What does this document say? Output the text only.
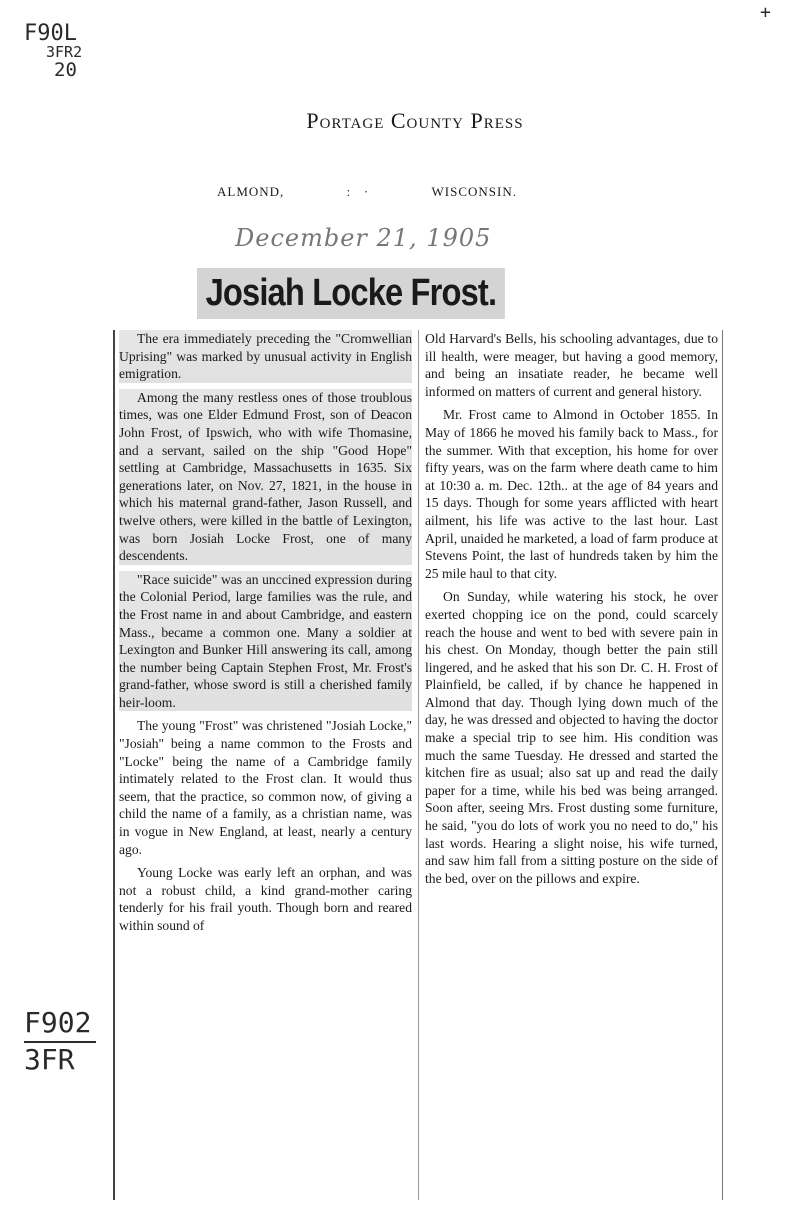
F90L
3FR2
20
+
F902
3FR
Portage County Press
ALMOND,	:   ·	WISCONSIN.
December 21, 1905
Josiah Locke Frost.

The era immediately preceding the "Cromwellian Uprising" was marked by unusual activity in English emigration.

Among the many restless ones of those troublous times, was one Elder Edmund Frost, son of Deacon John Frost, of Ipswich, who with wife Thomasine, and a servant, sailed on the ship "Good Hope" settling at Cambridge, Massachusetts in 1635. Six generations later, on Nov. 27, 1821, in the house in which his maternal grand-father, Jason Russell, and twelve others, were killed in the battle of Lexington, was born Josiah Locke Frost, one of many descendents.

"Race suicide" was an unccined expression during the Colonial Period, large families was the rule, and the Frost name in and about Cambridge, and eastern Mass., became a common one. Many a soldier at Lexington and Bunker Hill answering its call, among the number being Captain Stephen Frost, Mr. Frost's grand-father, whose sword is still a cherished family heir-loom.

The young "Frost" was christened "Josiah Locke," "Josiah" being a name common to the Frosts and "Locke" being the name of a Cambridge family intimately related to the Frost clan. It would thus seem, that the practice, so common now, of giving a child the name of a family, as a christian name, was in vogue in New England, at least, nearly a century ago.

Young Locke was early left an orphan, and was not a robust child, a kind grand-mother caring tenderly for his frail youth. Though born and reared within sound of

Old Harvard's Bells, his schooling advantages, due to ill health, were meager, but having a good memory, and being an insatiate reader, he became well informed on matters of current and general history.

Mr. Frost came to Almond in October 1855. In May of 1866 he moved his family back to Mass., for the summer. With that exception, his home for over fifty years, was on the farm where death came to him at 10:30 a. m. Dec. 12th.. at the age of 84 years and 15 days. Though for some years afflicted with heart ailment, his life was active to the last hour. Last April, unaided he marketed, a load of farm produce at Stevens Point, the last of hundreds taken by him the 25 mile haul to that city.

On Sunday, while watering his stock, he over exerted chopping ice on the pond, could scarcely reach the house and went to bed with severe pain in his chest. On Monday, though better the pain still lingered, and he asked that his son Dr. C. H. Frost of Plainfield, be called, if by chance he happened in Almond that day. Though lying down much of the day, he was dressed and objected to having the doctor make a special trip to see him. His condition was much the same Tuesday. He dressed and started the kitchen fire as usual; also sat up and read the daily paper for a time, while his bed was being arranged. Soon after, seeing Mrs. Frost dusting some furniture, he said, "you do lots of work you no need to do," his last words. Hearing a slight noise, his wife turned, and saw him fall from a sitting posture on the side of the bed, over on the pillows and expire.
